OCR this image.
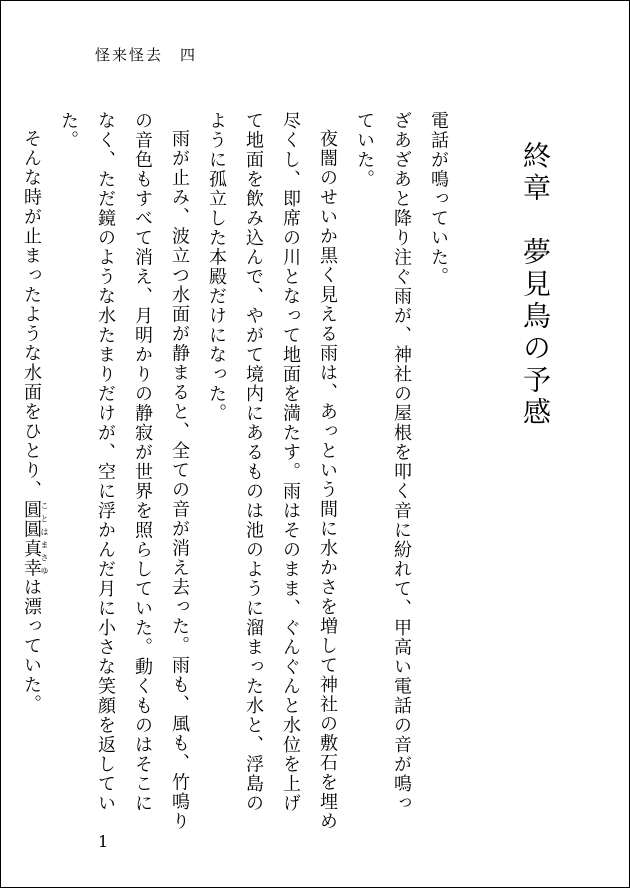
怪来怪去　四
終章　夢見鳥の予感

電話が鳴っていた。

ざあざあと降り注ぐ雨が、神社の屋根を叩く音に紛れて、甲高い電話の音が鳴っていた。

夜闇のせいか黒く見える雨は、あっという間に水かさを増して神社の敷石を埋め尽くし、即席の川となって地面を満たす。雨はそのまま、ぐんぐんと水位を上げて地面を飲み込んで、やがて境内にあるものは池のように溜まった水と、浮島のように孤立した本殿だけになった。

雨が止み、波立つ水面が静まると、全ての音が消え去った。雨も、風も、竹鳴りの音色もすべて消え、月明かりの静寂が世界を照らしていた。動くものはそこになく、ただ鏡のような水たまりだけが、空に浮かんだ月に小さな笑顔を返していた。

そんな時が止まったような水面をひとり、圓圓真幸ことはまさゆは漂っていた。

1
